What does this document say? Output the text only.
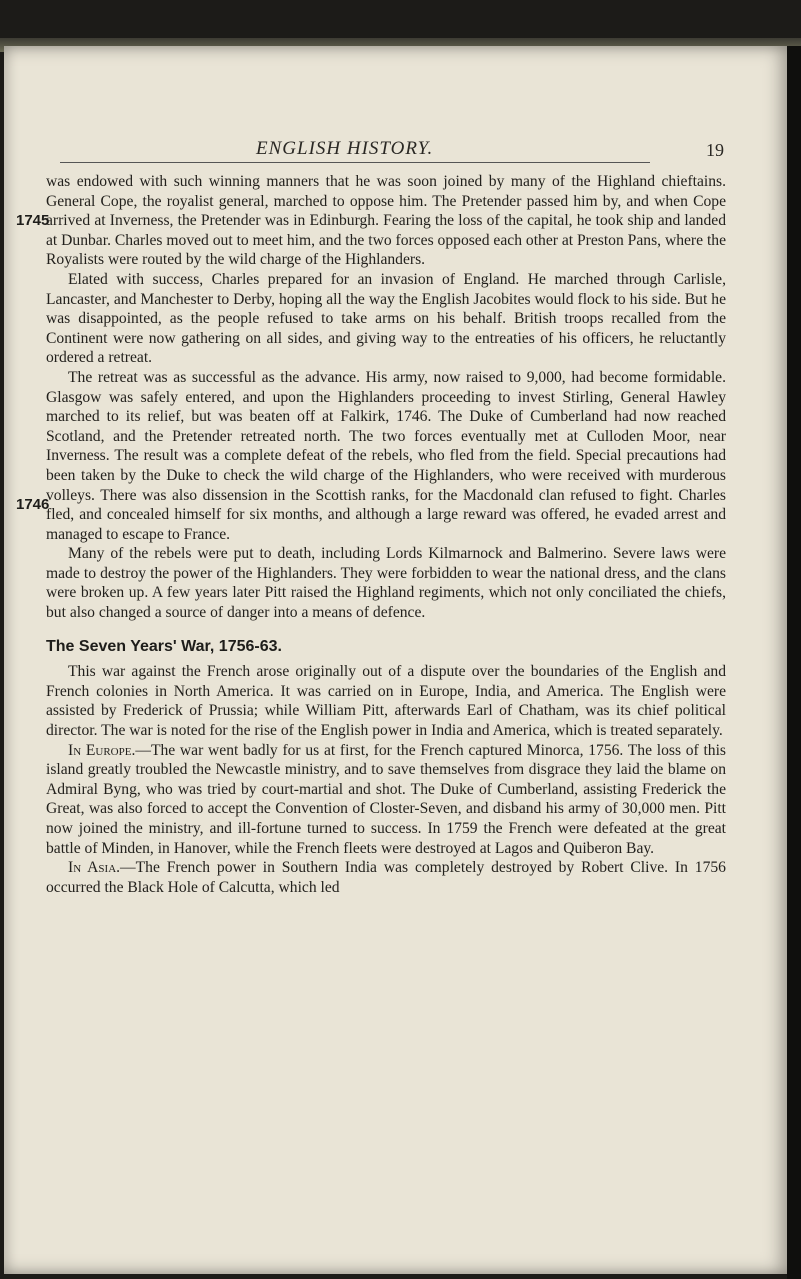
ENGLISH HISTORY.	19

was endowed with such winning manners that he was soon joined by many of the Highland chieftains. General Cope, the royalist general, marched to oppose him. The Pretender passed him by, and when Cope arrived at Inverness, the Pretender was in Edinburgh. Fearing the loss of the capital, he took ship and landed at Dunbar. Charles moved out to meet him, and the two forces opposed each other at Preston Pans, where the Royalists were routed by the wild charge of the Highlanders.

Elated with success, Charles prepared for an invasion of England. He marched through Carlisle, Lancaster, and Manchester to Derby, hoping all the way the English Jacobites would flock to his side. But he was disappointed, as the people refused to take arms on his behalf. British troops recalled from the Continent were now gathering on all sides, and giving way to the entreaties of his officers, he reluctantly ordered a retreat.

The retreat was as successful as the advance. His army, now raised to 9,000, had become formidable. Glasgow was safely entered, and upon the Highlanders proceeding to invest Stirling, General Hawley marched to its relief, but was beaten off at Falkirk, 1746. The Duke of Cumberland had now reached Scotland, and the Pretender retreated north. The two forces eventually met at Culloden Moor, near Inverness. The result was a complete defeat of the rebels, who fled from the field. Special precautions had been taken by the Duke to check the wild charge of the Highlanders, who were received with murderous volleys. There was also dissension in the Scottish ranks, for the Macdonald clan refused to fight. Charles fled, and concealed himself for six months, and although a large reward was offered, he evaded arrest and managed to escape to France.

Many of the rebels were put to death, including Lords Kilmarnock and Balmerino. Severe laws were made to destroy the power of the Highlanders. They were forbidden to wear the national dress, and the clans were broken up. A few years later Pitt raised the Highland regiments, which not only conciliated the chiefs, but also changed a source of danger into a means of defence.

The Seven Years' War, 1756-63.

This war against the French arose originally out of a dispute over the boundaries of the English and French colonies in North America. It was carried on in Europe, India, and America. The English were assisted by Frederick of Prussia; while William Pitt, afterwards Earl of Chatham, was its chief political director. The war is noted for the rise of the English power in India and America, which is treated separately.

In Europe.—The war went badly for us at first, for the French captured Minorca, 1756. The loss of this island greatly troubled the Newcastle ministry, and to save themselves from disgrace they laid the blame on Admiral Byng, who was tried by court-martial and shot. The Duke of Cumberland, assisting Frederick the Great, was also forced to accept the Convention of Closter-Seven, and disband his army of 30,000 men. Pitt now joined the ministry, and ill-fortune turned to success. In 1759 the French were defeated at the great battle of Minden, in Hanover, while the French fleets were destroyed at Lagos and Quiberon Bay.

In Asia.—The French power in Southern India was completely destroyed by Robert Clive. In 1756 occurred the Black Hole of Calcutta, which led

1745
1746
